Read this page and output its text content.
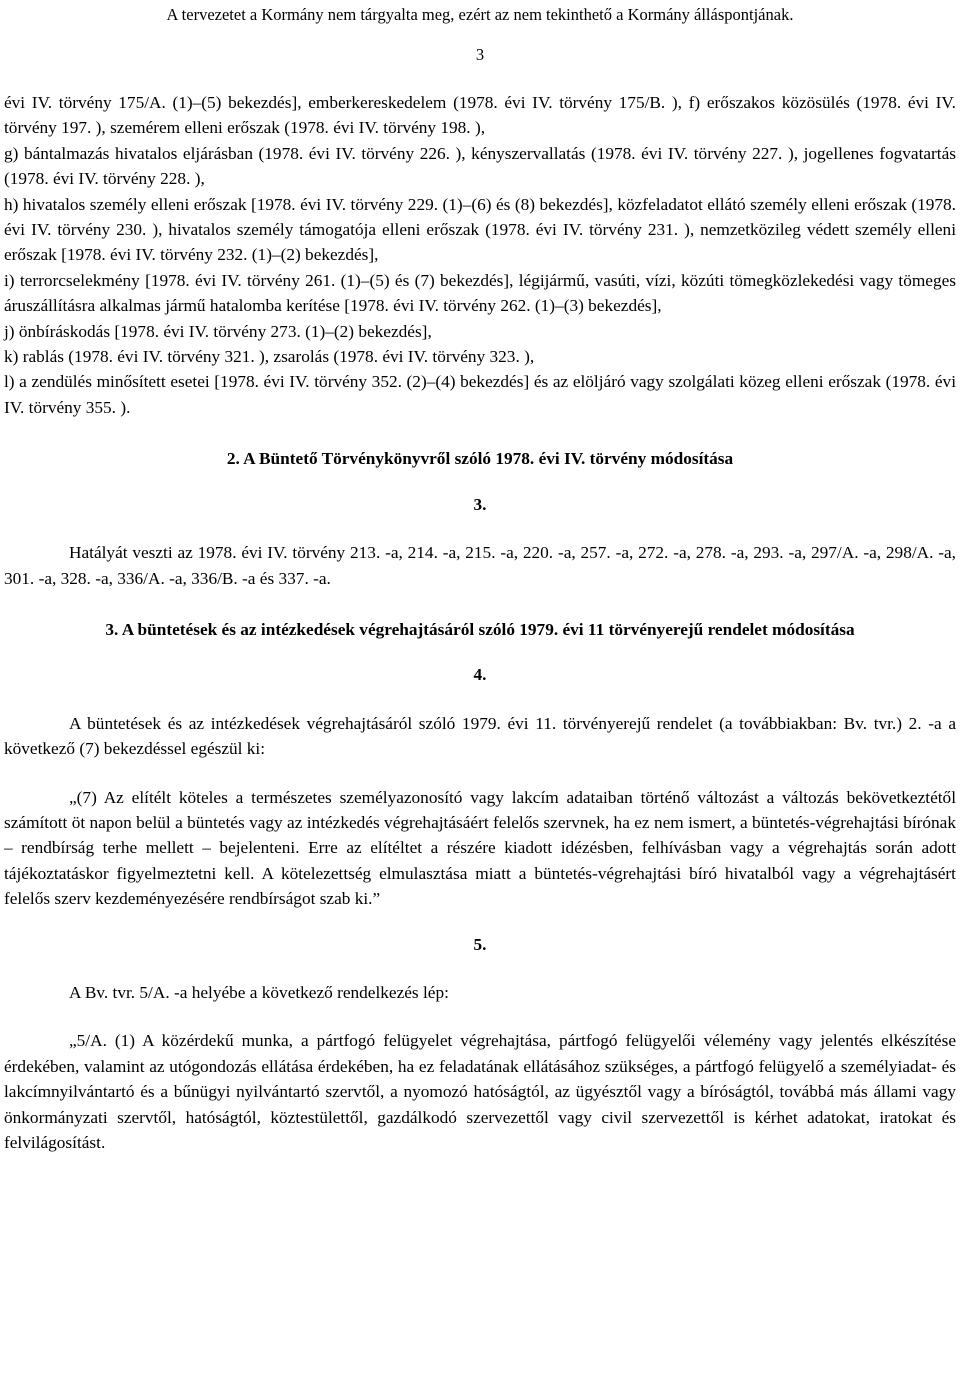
A tervezetet a Kormány nem tárgyalta meg, ezért az nem tekinthető a Kormány álláspontjának.
3

évi IV. törvény 175/A. (1)–(5) bekezdés], emberkereskedelem (1978. évi IV. törvény 175/B. ), f) erőszakos közösülés (1978. évi IV. törvény 197. ), szemérem elleni erőszak (1978. évi IV. törvény 198. ),

g) bántalmazás hivatalos eljárásban (1978. évi IV. törvény 226. ), kényszervallatás (1978. évi IV. törvény 227. ), jogellenes fogvatartás (1978. évi IV. törvény 228. ),

h) hivatalos személy elleni erőszak [1978. évi IV. törvény 229. (1)–(6) és (8) bekezdés], közfeladatot ellátó személy elleni erőszak (1978. évi IV. törvény 230. ), hivatalos személy támogatója elleni erőszak (1978. évi IV. törvény 231. ), nemzetközileg védett személy elleni erőszak [1978. évi IV. törvény 232. (1)–(2) bekezdés],

i) terrorcselekmény [1978. évi IV. törvény 261. (1)–(5) és (7) bekezdés], légijármű, vasúti, vízi, közúti tömegközlekedési vagy tömeges áruszállításra alkalmas jármű hatalomba kerítése [1978. évi IV. törvény 262. (1)–(3) bekezdés],

j) önbíráskodás [1978. évi IV. törvény 273. (1)–(2) bekezdés],

k) rablás (1978. évi IV. törvény 321. ), zsarolás (1978. évi IV. törvény 323. ),

l) a zendülés minősített esetei [1978. évi IV. törvény 352. (2)–(4) bekezdés] és az elöljáró vagy szolgálati közeg elleni erőszak (1978. évi IV. törvény 355. ).

2. A Büntető Törvénykönyvről szóló 1978. évi IV. törvény módosítása

3.

Hatályát veszti az 1978. évi IV. törvény 213. -a, 214. -a, 215. -a, 220. -a, 257. -a, 272. -a, 278. -a, 293. -a, 297/A. -a, 298/A. -a, 301. -a, 328. -a, 336/A. -a, 336/B. -a és 337. -a.

3. A büntetések és az intézkedések végrehajtásáról szóló 1979. évi 11 törvényerejű rendelet módosítása

4.

A büntetések és az intézkedések végrehajtásáról szóló 1979. évi 11. törvényerejű rendelet (a továbbiakban: Bv. tvr.) 2. -a a következő (7) bekezdéssel egészül ki:

„(7) Az elítélt köteles a természetes személyazonosító vagy lakcím adataiban történő változást a változás bekövetkeztétől számított öt napon belül a büntetés vagy az intézkedés végrehajtásáért felelős szervnek, ha ez nem ismert, a büntetés-végrehajtási bírónak – rendbírság terhe mellett – bejelenteni. Erre az elítéltet a részére kiadott idézésben, felhívásban vagy a végrehajtás során adott tájékoztatáskor figyelmeztetni kell. A kötelezettség elmulasztása miatt a büntetés-végrehajtási bíró hivatalból vagy a végrehajtásért felelős szerv kezdeményezésére rendbírságot szab ki.”

5.

A Bv. tvr. 5/A. -a helyébe a következő rendelkezés lép:

„5/A. (1) A közérdekű munka, a pártfogó felügyelet végrehajtása, pártfogó felügyelői vélemény vagy jelentés elkészítése érdekében, valamint az utógondozás ellátása érdekében, ha ez feladatának ellátásához szükséges, a pártfogó felügyelő a személyiadat- és lakcímnyilvántartó és a bűnügyi nyilvántartó szervtől, a nyomozó hatóságtól, az ügyésztől vagy a bíróságtól, továbbá más állami vagy önkormányzati szervtől, hatóságtól, köztestülettől, gazdálkodó szervezettől vagy civil szervezettől is kérhet adatokat, iratokat és felvilágosítást.
